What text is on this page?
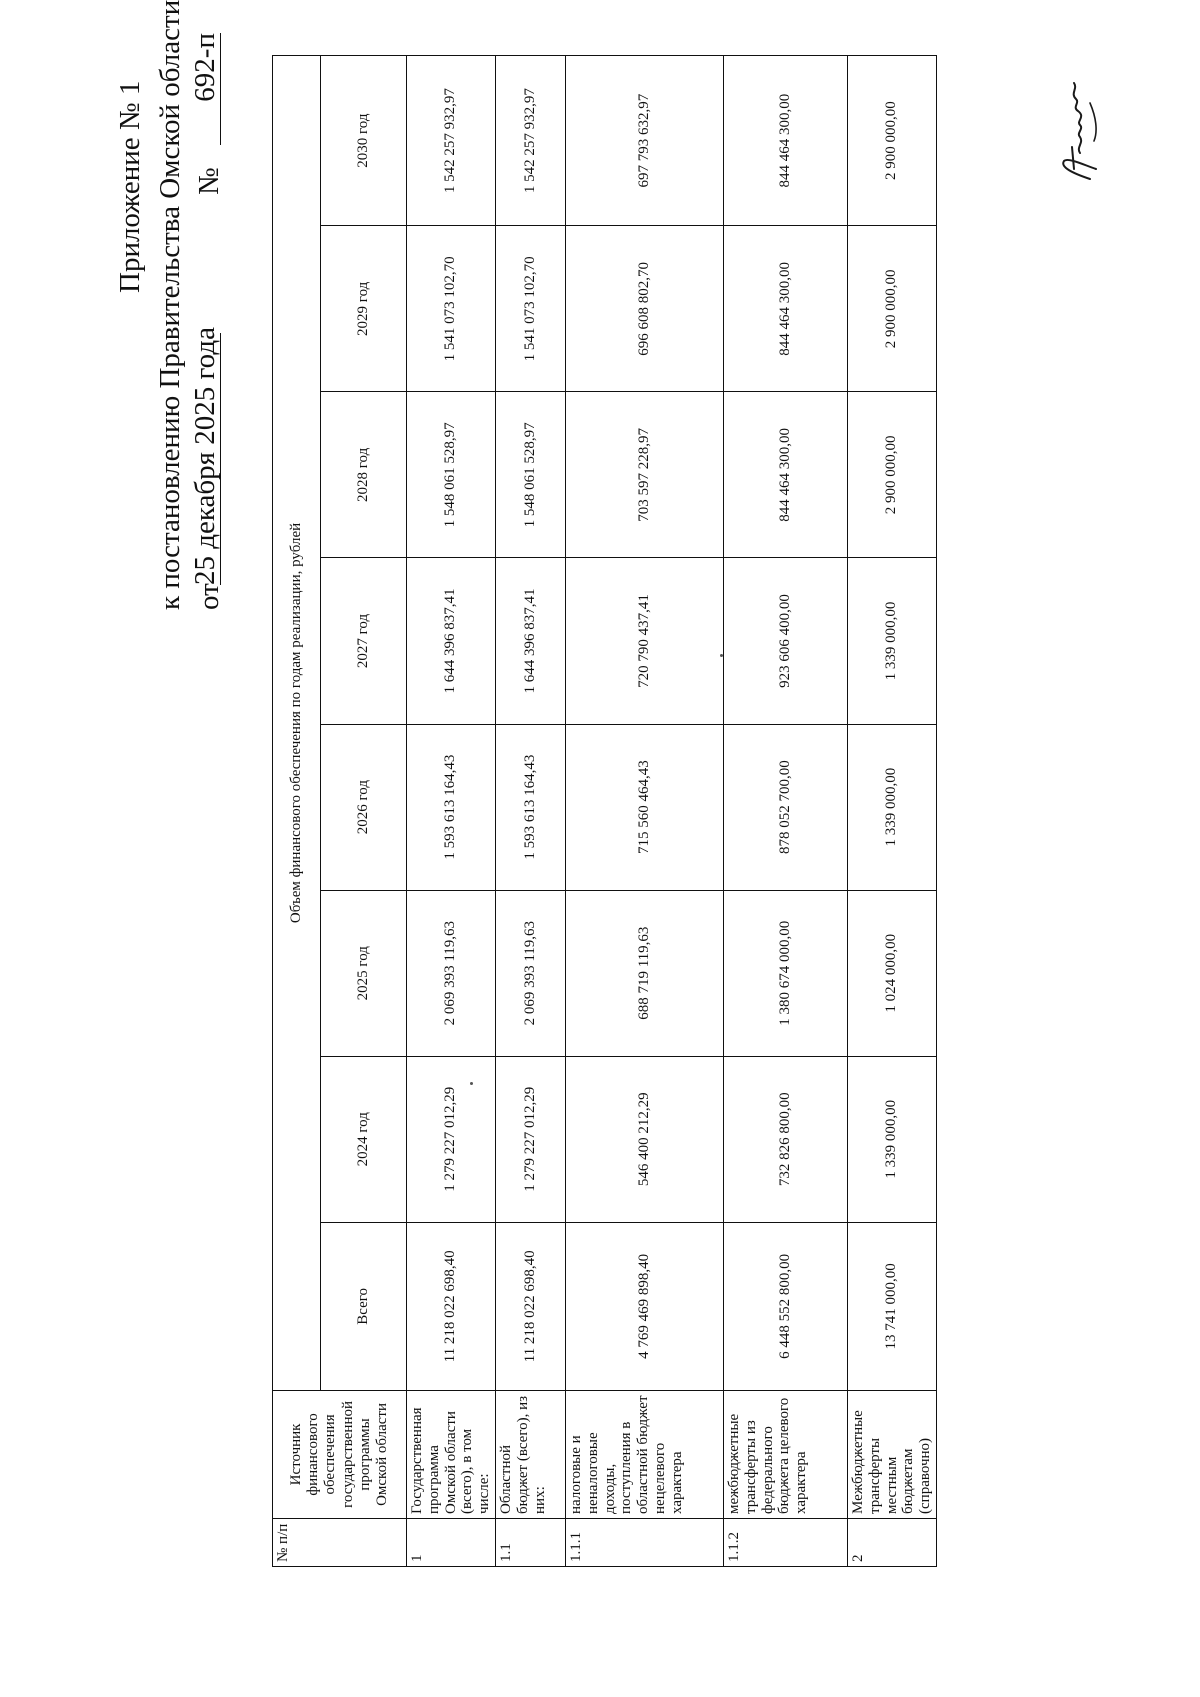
Приложение № 1 к постановлению Правительства Омской области от
25 декабря 2025 года
№
692-п
№ п/п	Источник финансового обеспечения государственной программы Омской области	Объем финансового обеспечения по годам реализации, рублей							
		Всего	2024 год	2025 год	2026 год	2027 год	2028 год	2029 год	2030 год
1	Государственная программа Омской области (всего), в том числе:	11 218 022 698,40	1 279 227 012,29	2 069 393 119,63	1 593 613 164,43	1 644 396 837,41	1 548 061 528,97	1 541 073 102,70	1 542 257 932,97
1.1	Областной бюджет (всего), из них:	11 218 022 698,40	1 279 227 012,29	2 069 393 119,63	1 593 613 164,43	1 644 396 837,41	1 548 061 528,97	1 541 073 102,70	1 542 257 932,97
1.1.1	налоговые и неналоговые доходы, поступления в областной бюджет нецелевого характера	4 769 469 898,40	546 400 212,29	688 719 119,63	715 560 464,43	720 790 437,41	703 597 228,97	696 608 802,70	697 793 632,97
1.1.2	межбюджетные трансферты из федерального бюджета целевого характера	6 448 552 800,00	732 826 800,00	1 380 674 000,00	878 052 700,00	923 606 400,00	844 464 300,00	844 464 300,00	844 464 300,00
2	Межбюджетные трансферты местным бюджетам (справочно)	13 741 000,00	1 339 000,00	1 024 000,00	1 339 000,00	1 339 000,00	2 900 000,00	2 900 000,00	2 900 000,00
